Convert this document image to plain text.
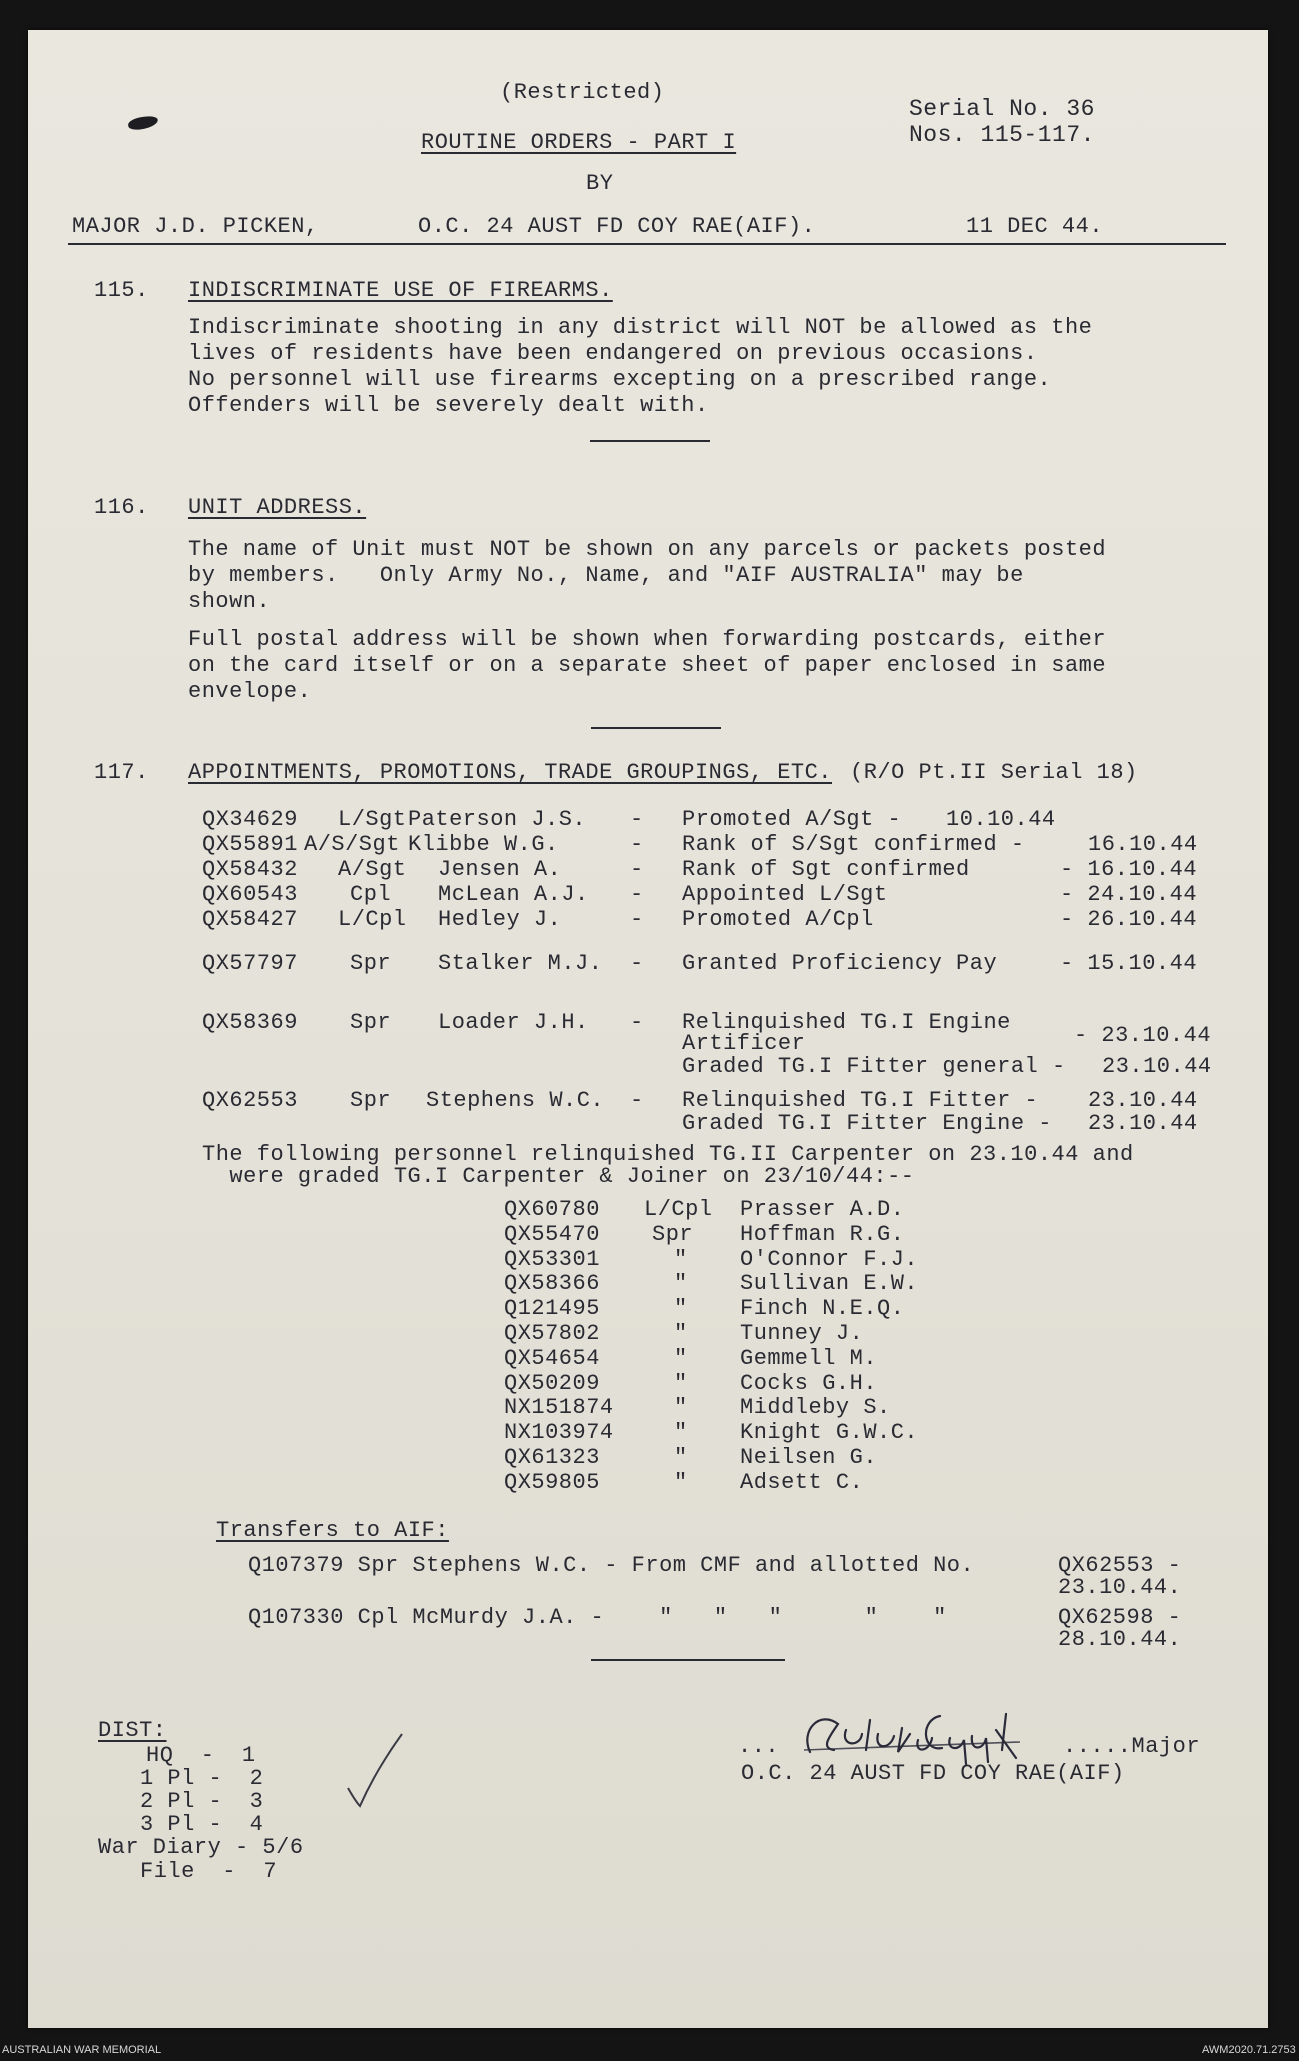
(Restricted)
ROUTINE ORDERS - PART I
BY
Serial No. 36
Nos. 115-117.
MAJOR J.D. PICKEN,	O.C. 24 AUST FD COY RAE(AIF).	11 DEC 44.
115. INDISCRIMINATE USE OF FIREARMS.
Indiscriminate shooting in any district will NOT be allowed as the
lives of residents have been endangered on previous occasions.
No personnel will use firearms excepting on a prescribed range.
Offenders will be severely dealt with.
116. UNIT ADDRESS.
The name of Unit must NOT be shown on any parcels or packets posted
by members.   Only Army No., Name, and "AIF AUSTRALIA" may be
shown.
Full postal address will be shown when forwarding postcards, either
on the card itself or on a separate sheet of paper enclosed in same
envelope.
117. APPOINTMENTS, PROMOTIONS, TRADE GROUPINGS, ETC. (R/O Pt.II Serial 18)
QX34629 L/Sgt Paterson J.S. - Promoted A/Sgt - 10.10.44
QX55891 A/S/Sgt Klibbe W.G.	- Rank of S/Sgt confirmed -	16.10.44
QX58432 A/Sgt Jensen A.	- Rank of Sgt confirmed	- 16.10.44
QX60543 Cpl McLean A.J. - Appointed L/Sgt	- 24.10.44
QX58427 L/Cpl Hedley J.	- Promoted A/Cpl	- 26.10.44
QX57797 Spr Stalker M.J. - Granted Proficiency Pay	- 15.10.44
QX58369 Spr Loader J.H. - Relinquished TG.I Engine
Artificer	- 23.10.44
Graded TG.I Fitter general - 23.10.44
QX62553 Spr Stephens W.C. - Relinquished TG.I Fitter - 23.10.44
Graded TG.I Fitter Engine - 23.10.44
The following personnel relinquished TG.II Carpenter on 23.10.44 and
were graded TG.I Carpenter & Joiner on 23/10/44:--
QX60780 L/Cpl Prasser A.D.
QX55470 Spr Hoffman R.G.
QX53301	" O'Connor F.J.
QX58366	" Sullivan E.W.
Q121495	" Finch N.E.Q.
QX57802	" Tunney J.
QX54654	" Gemmell M.
QX50209	" Cocks G.H.
NX151874	" Middleby S.
NX103974	" Knight G.W.C.
QX61323	" Neilsen G.
QX59805	" Adsett C.
Transfers to AIF:
Q107379 Spr Stephens W.C. - From CMF and allotted No.	QX62553 -
23.10.44.
Q107330 Cpl McMurdy J.A. -    "   "   "      "    "	QX62598 -
28.10.44.
DIST:
HQ  -  1
1 Pl -  2
2 Pl -  3
3 Pl -  4
War Diary - 5/6
File  -  7
...	.....Major
O.C. 24 AUST FD COY RAE(AIF)
AUSTRALIAN WAR MEMORIAL	AWM2020.71.2753
